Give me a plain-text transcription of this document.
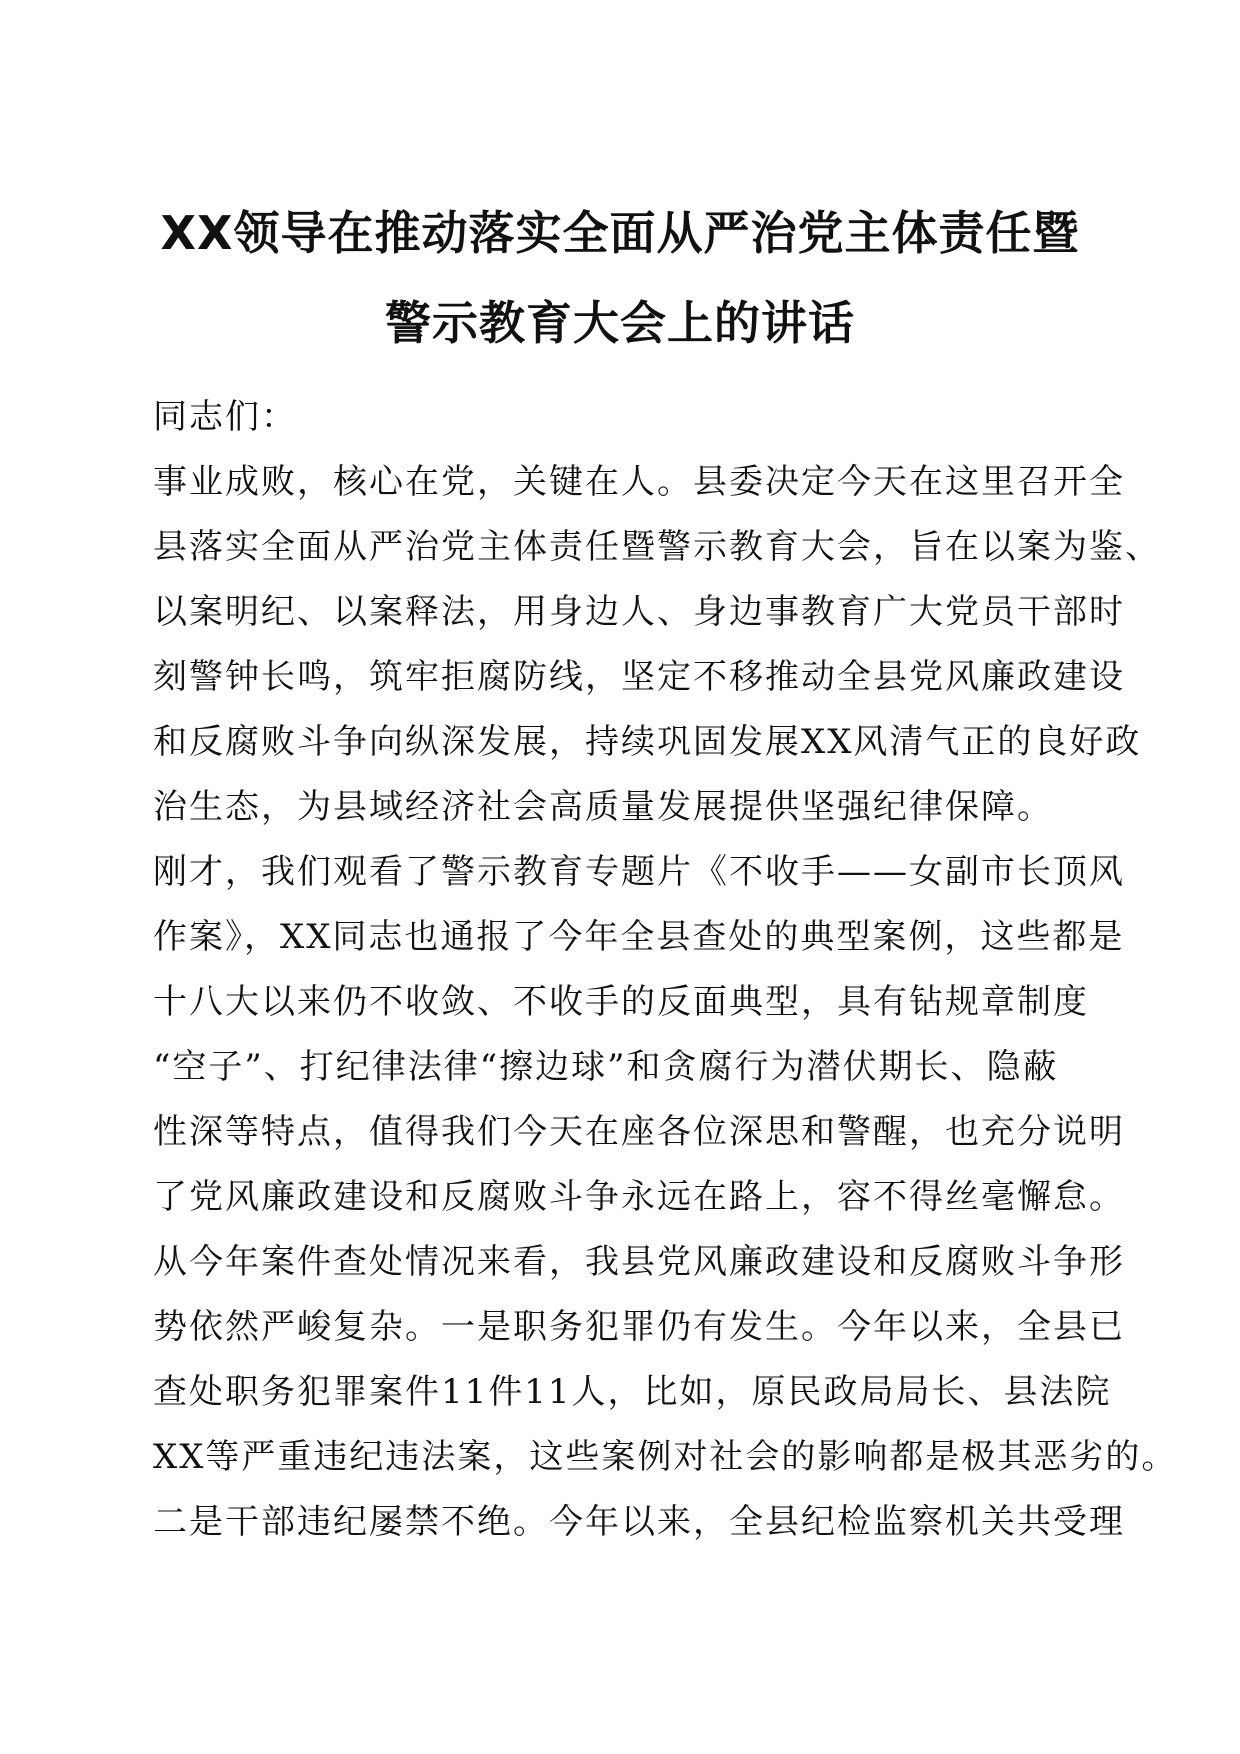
XX领导在推动落实全面从严治党主体责任暨
警示教育大会上的讲话
同志们：
事业成败，核心在党，关键在人。县委决定今天在这里召开全
县落实全面从严治党主体责任暨警示教育大会，旨在以案为鉴、
以案明纪、以案释法，用身边人、身边事教育广大党员干部时
刻警钟长鸣，筑牢拒腐防线，坚定不移推动全县党风廉政建设
和反腐败斗争向纵深发展，持续巩固发展XX风清气正的良好政
治生态，为县域经济社会高质量发展提供坚强纪律保障。
刚才，我们观看了警示教育专题片《不收手——女副市长顶风
作案》，XX同志也通报了今年全县查处的典型案例，这些都是
十八大以来仍不收敛、不收手的反面典型，具有钻规章制度
“空子”、打纪律法律“擦边球”和贪腐行为潜伏期长、隐蔽
性深等特点，值得我们今天在座各位深思和警醒，也充分说明
了党风廉政建设和反腐败斗争永远在路上，容不得丝毫懈怠。
从今年案件查处情况来看，我县党风廉政建设和反腐败斗争形
势依然严峻复杂。一是职务犯罪仍有发生。今年以来，全县已
查处职务犯罪案件11件11人，比如，原民政局局长、县法院
XX等严重违纪违法案，这些案例对社会的影响都是极其恶劣的。
二是干部违纪屡禁不绝。今年以来，全县纪检监察机关共受理
